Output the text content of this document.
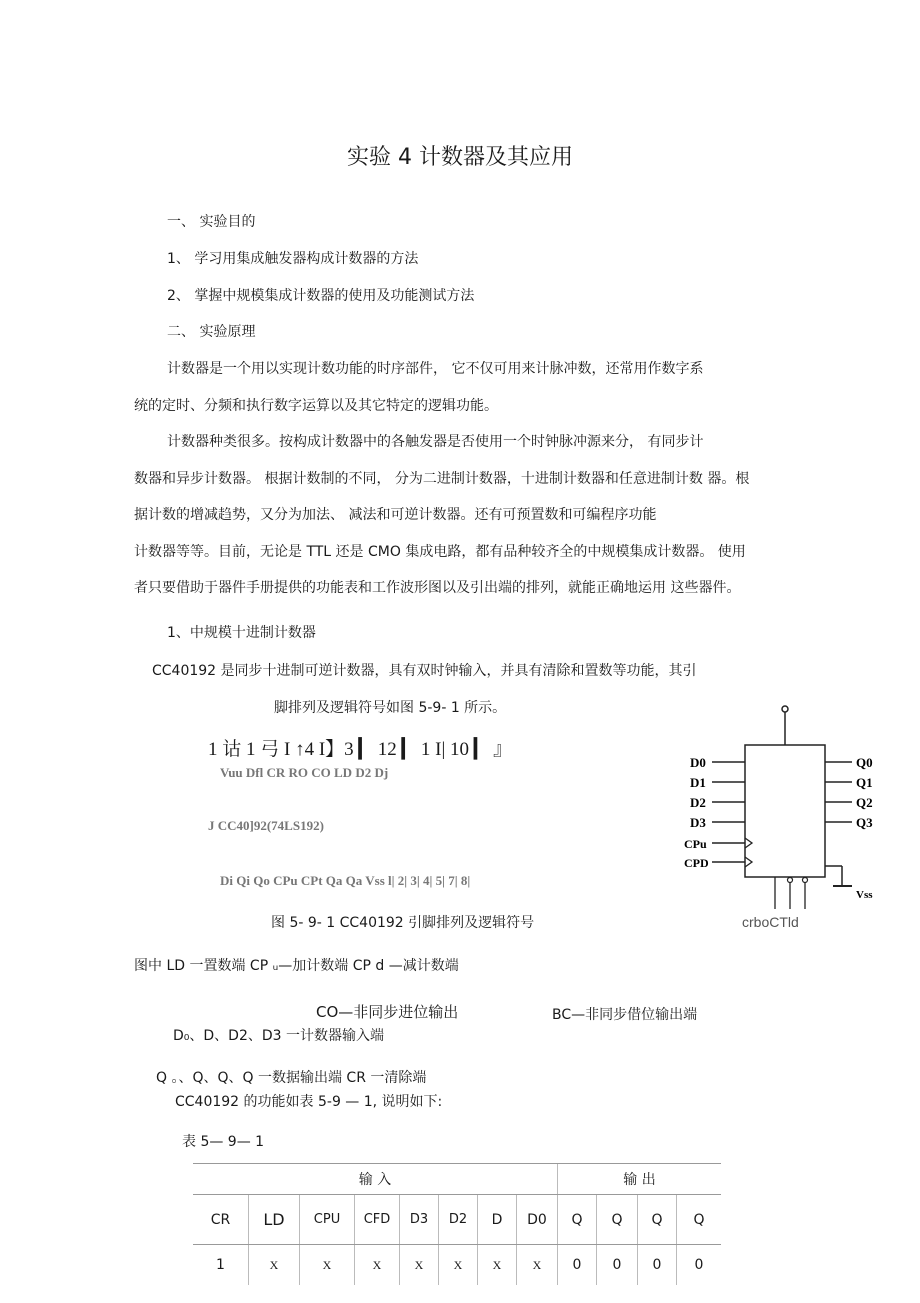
实验 4 计数器及其应用
一、 实验目的
1、 学习用集成触发器构成计数器的方法
2、 掌握中规模集成计数器的使用及功能测试方法
二、 实验原理
计数器是一个用以实现计数功能的时序部件， 它不仅可用来计脉冲数，还常用作数字系
统的定时、分频和执行数字运算以及其它特定的逻辑功能。
计数器种类很多。按构成计数器中的各触发器是否使用一个时钟脉冲源来分， 有同步计
数器和异步计数器。 根据计数制的不同， 分为二进制计数器，十进制计数器和任意进制计数 器。根
据计数的增减趋势，又分为加法、 减法和可逆计数器。还有可预置数和可编程序功能
计数器等等。目前，无论是 TTL 还是 CMO 集成电路，都有品种较齐全的中规模集成计数器。 使用
者只要借助于器件手册提供的功能表和工作波形图以及引出端的排列，就能正确地运用 这些器件。
1、中规模十进制计数器
CC40192 是同步十进制可逆计数器，具有双时钟输入，并具有清除和置数等功能，其引
脚排列及逻辑符号如图 5-9- 1 所示。
1 诂 1 弓 I ↑4 I】3 ▎ 12 ▎ 1 I| 10 ▎ 』
Vuu Dfl CR RO CO LD D2 Dj
J CC40]92(74LS192)
Di Qi Qo CPu CPt Qa Qa Vss l| 2| 3| 4| 5| 7| 8|
D0
D1
D2
D3
CPu
CPD
Q0
Q1
Q2
Q3
Vss
crboCTld
图 5- 9- 1 CC40192 引脚排列及逻辑符号
图中 LD 一置数端 CP ᵤ—加计数端 CP d —减计数端
CO—非同步进位输出	BC—非同步借位输出端
D₀、D、D2、D3 一计数器输入端
Q 。、Q、Q、Q 一数据输出端 CR 一清除端
CC40192 的功能如表 5-9 — 1, 说明如下:
表 5— 9— 1
输 入								输 出			
CR	LD	CPU	CFD	D3	D2	D	D0	Q	Q	Q	Q
1	X	X	X	X	X	X	X	0	0	0	0
